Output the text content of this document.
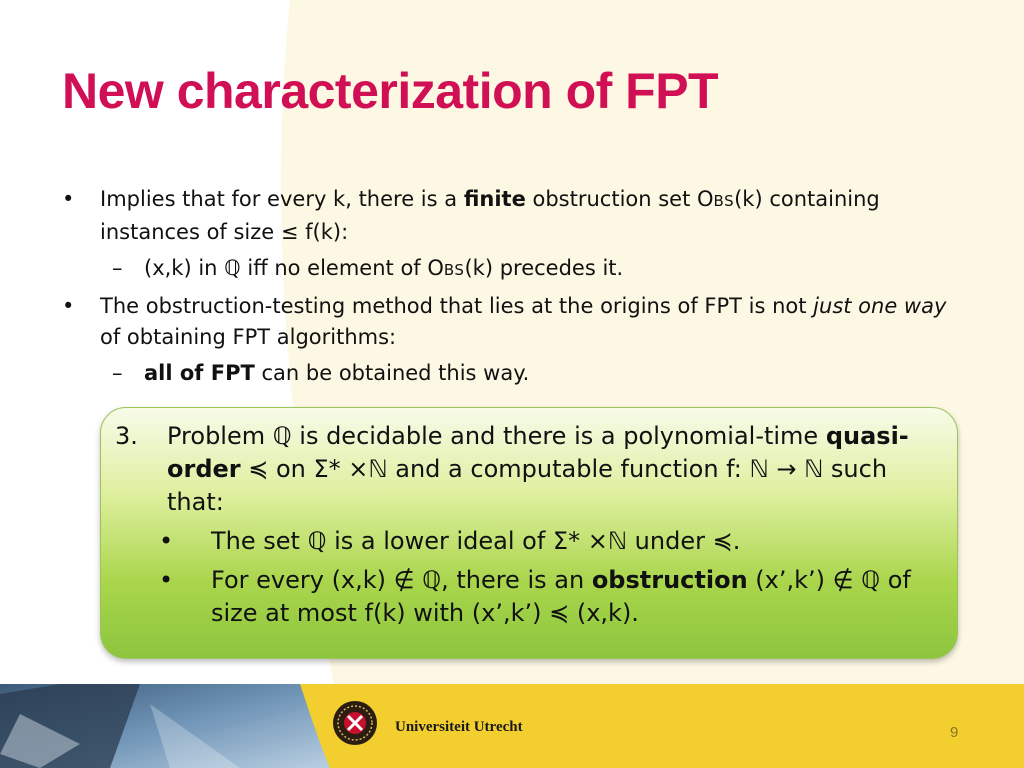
New characterization of FPT
• Implies that for every k, there is a finite obstruction set OBS(k) containing instances of size ≤ f(k):
– (x,k) in ℚ iff no element of OBS(k) precedes it.
• The obstruction-testing method that lies at the origins of FPT is not just one way of obtaining FPT algorithms:
– all of FPT can be obtained this way.
3. Problem ℚ is decidable and there is a polynomial-time quasi-order ≼ on Σ* ×ℕ and a computable function f: ℕ → ℕ such that:
• The set ℚ is a lower ideal of Σ* ×ℕ under ≼.
• For every (x,k) ∉ ℚ, there is an obstruction (x’,k’) ∉ ℚ of size at most f(k) with (x’,k’) ≼ (x,k).
Universiteit Utrecht	9
